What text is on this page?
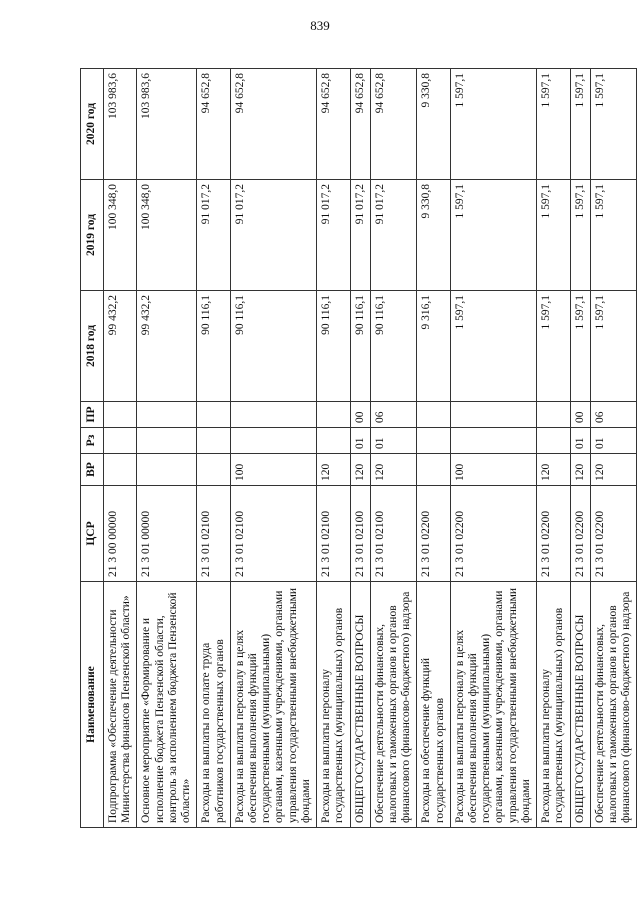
839
Наименование	ЦСР	ВР	Рз	ПР	2018 год	2019 год	2020 год
Подпрограмма «Обеспечение деятельности Министерства финансов Пензенской области»	21 3 00 00000				99 432,2	100 348,0	103 983,6
Основное мероприятие «Формирование и исполнение бюджета Пензенской области, контроль за исполнением бюджета Пензенской области»	21 3 01 00000				99 432,2	100 348,0	103 983,6
Расходы на выплаты по оплате труда работников государственных органов	21 3 01 02100				90 116,1	91 017,2	94 652,8
Расходы на выплаты персоналу в целях обеспечения выполнения функций государственными (муниципальными) органами, казенными учреждениями, органами управления государственными внебюджетными фондами	21 3 01 02100	100			90 116,1	91 017,2	94 652,8
Расходы на выплаты персоналу государственных (муниципальных) органов	21 3 01 02100	120			90 116,1	91 017,2	94 652,8
ОБЩЕГОСУДАРСТВЕННЫЕ ВОПРОСЫ	21 3 01 02100	120	01	00	90 116,1	91 017,2	94 652,8
Обеспечение деятельности финансовых, налоговых и таможенных органов и органов финансового (финансово-бюджетного) надзора	21 3 01 02100	120	01	06	90 116,1	91 017,2	94 652,8
Расходы на обеспечение функций государственных органов	21 3 01 02200				9 316,1	9 330,8	9 330,8
Расходы на выплаты персоналу в целях обеспечения выполнения функций государственными (муниципальными) органами, казенными учреждениями, органами управления государственными внебюджетными фондами	21 3 01 02200	100			1 597,1	1 597,1	1 597,1
Расходы на выплаты персоналу государственных (муниципальных) органов	21 3 01 02200	120			1 597,1	1 597,1	1 597,1
ОБЩЕГОСУДАРСТВЕННЫЕ ВОПРОСЫ	21 3 01 02200	120	01	00	1 597,1	1 597,1	1 597,1
Обеспечение деятельности финансовых, налоговых и таможенных органов и органов финансового (финансово-бюджетного) надзора	21 3 01 02200	120	01	06	1 597,1	1 597,1	1 597,1
